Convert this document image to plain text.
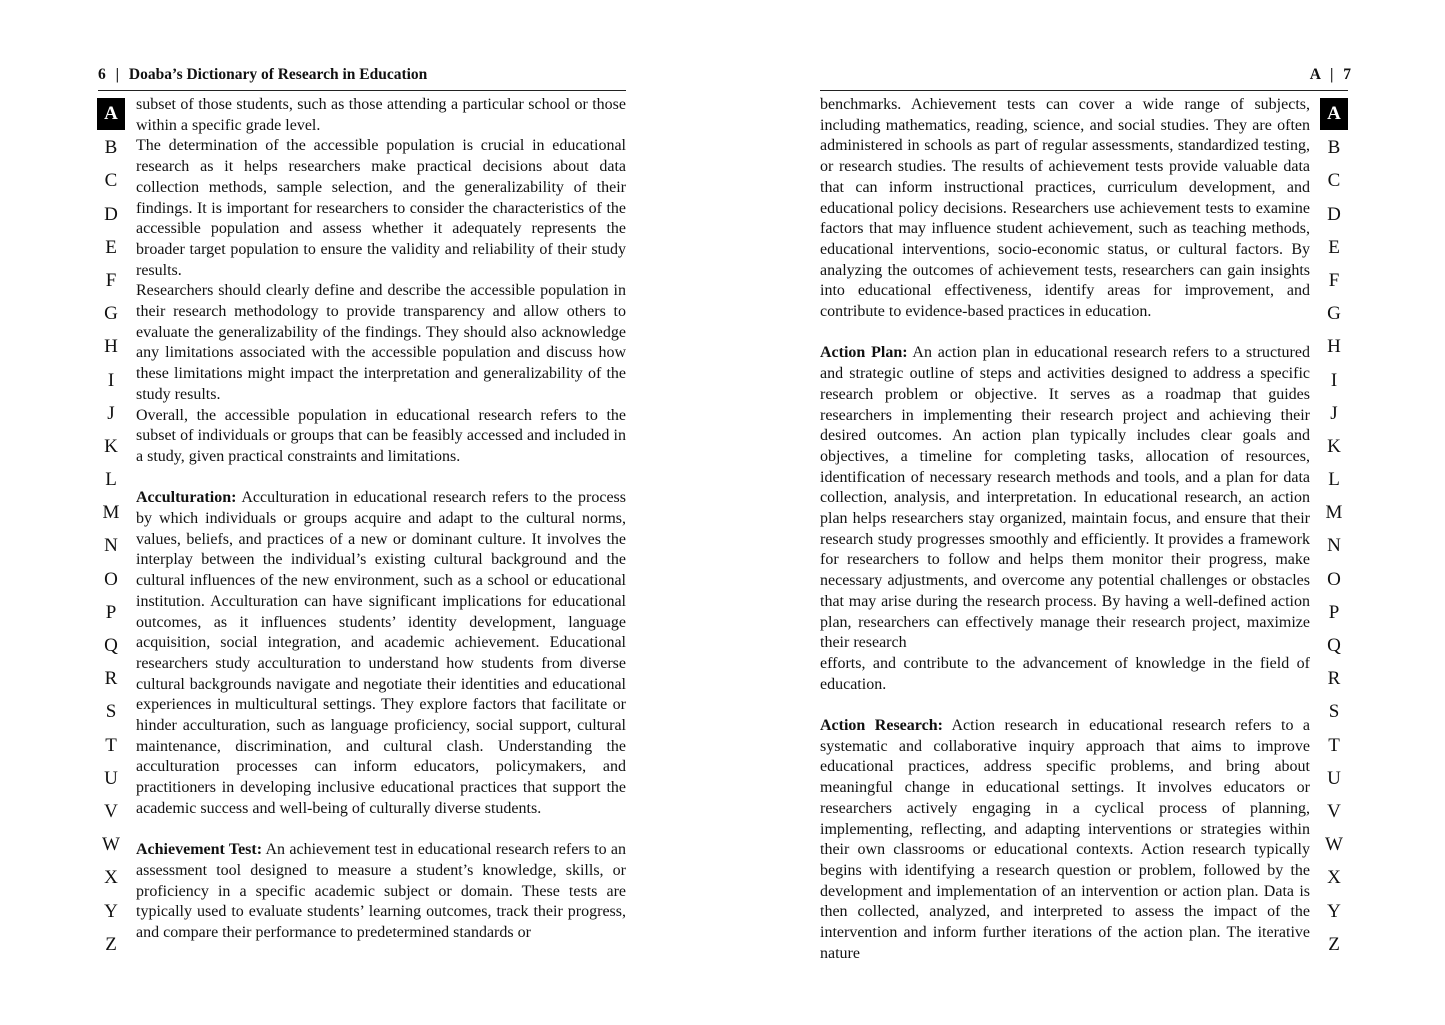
6 | Doaba’s Dictionary of Research in Education
A
B
C
D
E
F
G
H
I
J
K
L
M
N
O
P
Q
R
S
T
U
V
W
X
Y
Z

subset of those students, such as those attending a particular school or those within a specific grade level.

The determination of the accessible population is crucial in educational research as it helps researchers make practical decisions about data collection methods, sample selection, and the generalizability of their findings. It is important for researchers to consider the characteristics of the accessible population and assess whether it adequately represents the broader target population to ensure the validity and reliability of their study results.

Researchers should clearly define and describe the accessible population in their research methodology to provide transparency and allow others to evaluate the generalizability of the findings. They should also acknowledge any limitations associated with the accessible population and discuss how these limitations might impact the interpretation and generalizability of the study results.

Overall, the accessible population in educational research refers to the subset of individuals or groups that can be feasibly accessed and included in a study, given practical constraints and limitations.

Acculturation: Acculturation in educational research refers to the process by which individuals or groups acquire and adapt to the cultural norms, values, beliefs, and practices of a new or dominant culture. It involves the interplay between the individual’s existing cultural background and the cultural influences of the new environment, such as a school or educational institution. Acculturation can have significant implications for educational outcomes, as it influences students’ identity development, language acquisition, social integration, and academic achievement. Educational researchers study acculturation to understand how students from diverse cultural backgrounds navigate and negotiate their identities and educational experiences in multicultural settings. They explore factors that facilitate or hinder acculturation, such as language proficiency, social support, cultural maintenance, discrimination, and cultural clash. Understanding the acculturation processes can inform educators, policymakers, and practitioners in developing inclusive educational practices that support the academic success and well-being of culturally diverse students.

Achievement Test: An achievement test in educational research refers to an assessment tool designed to measure a student’s knowledge, skills, or proficiency in a specific academic subject or domain. These tests are typically used to evaluate students’ learning outcomes, track their progress, and compare their performance to predetermined standards or

A | 7
A
B
C
D
E
F
G
H
I
J
K
L
M
N
O
P
Q
R
S
T
U
V
W
X
Y
Z

benchmarks. Achievement tests can cover a wide range of subjects, including mathematics, reading, science, and social studies. They are often administered in schools as part of regular assessments, standardized testing, or research studies. The results of achievement tests provide valuable data that can inform instructional practices, curriculum development, and educational policy decisions. Researchers use achievement tests to examine factors that may influence student achievement, such as teaching methods, educational interventions, socio-economic status, or cultural factors. By analyzing the outcomes of achievement tests, researchers can gain insights into educational effectiveness, identify areas for improvement, and contribute to evidence-based practices in education.

Action Plan: An action plan in educational research refers to a structured and strategic outline of steps and activities designed to address a specific research problem or objective. It serves as a roadmap that guides researchers in implementing their research project and achieving their desired outcomes. An action plan typically includes clear goals and objectives, a timeline for completing tasks, allocation of resources, identification of necessary research methods and tools, and a plan for data collection, analysis, and interpretation. In educational research, an action plan helps researchers stay organized, maintain focus, and ensure that their research study progresses smoothly and efficiently. It provides a framework for researchers to follow and helps them monitor their progress, make necessary adjustments, and overcome any potential challenges or obstacles that may arise during the research process. By having a well-defined action plan, researchers can effectively manage their research project, maximize their research

efforts, and contribute to the advancement of knowledge in the field of education.

Action Research: Action research in educational research refers to a systematic and collaborative inquiry approach that aims to improve educational practices, address specific problems, and bring about meaningful change in educational settings. It involves educators or researchers actively engaging in a cyclical process of planning, implementing, reflecting, and adapting interventions or strategies within their own classrooms or educational contexts. Action research typically begins with identifying a research question or problem, followed by the development and implementation of an intervention or action plan. Data is then collected, analyzed, and interpreted to assess the impact of the intervention and inform further iterations of the action plan. The iterative nature
